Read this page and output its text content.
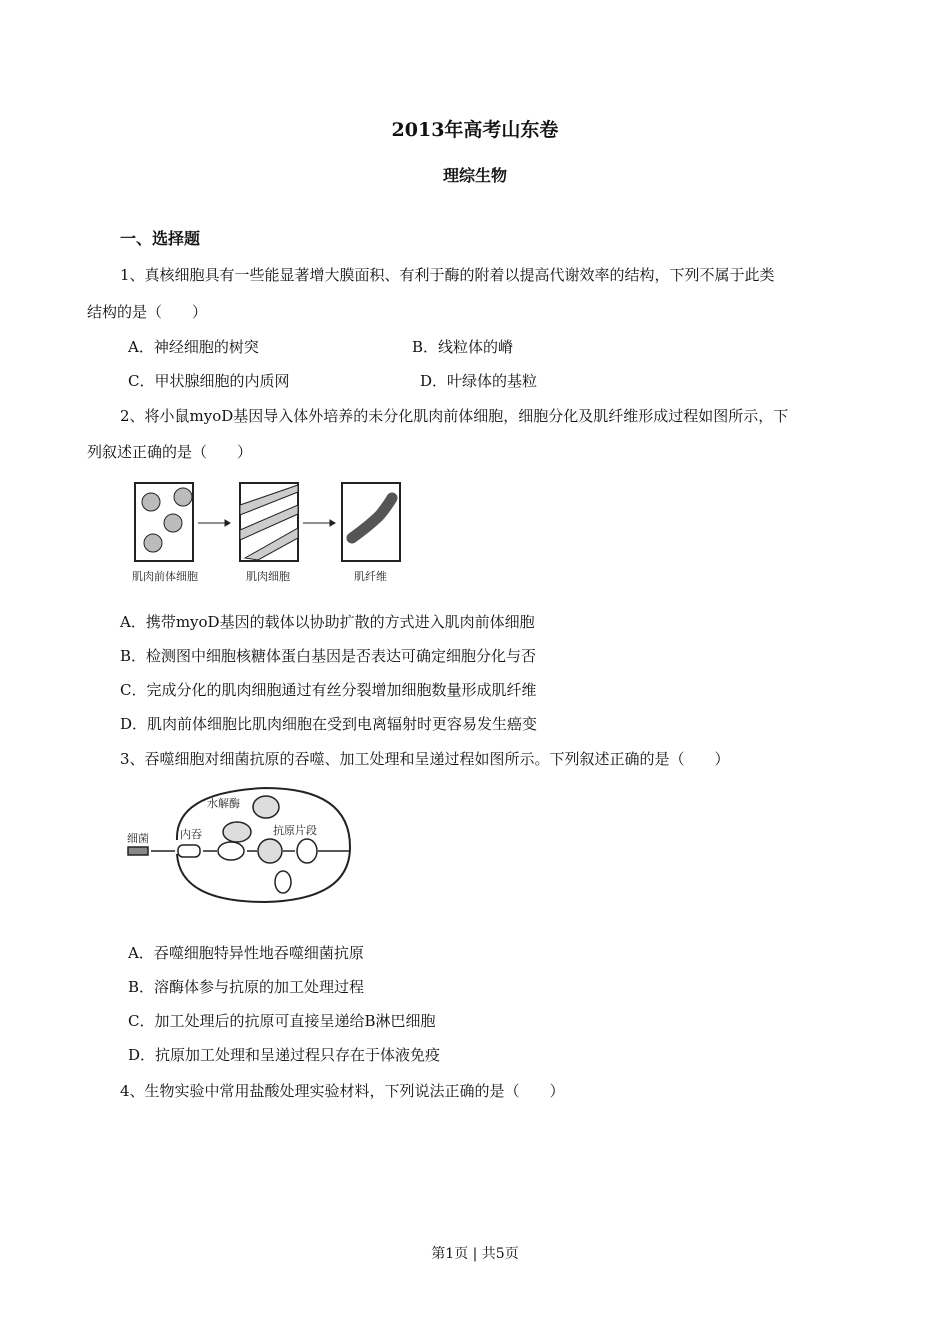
2013年高考山东卷
理综生物
一、选择题
1、真核细胞具有一些能显著增大膜面积、有利于酶的附着以提高代谢效率的结构，下列不属于此类
结构的是（　　）
A．神经细胞的树突	B．线粒体的嵴
C．甲状腺细胞的内质网	D．叶绿体的基粒
2、将小鼠myoD基因导入体外培养的未分化肌肉前体细胞，细胞分化及肌纤维形成过程如图所示，下
列叙述正确的是（　　）
肌肉前体细胞	肌肉细胞	肌纤维
A．携带myoD基因的载体以协助扩散的方式进入肌肉前体细胞
B．检测图中细胞核糖体蛋白基因是否表达可确定细胞分化与否
C．完成分化的肌肉细胞通过有丝分裂增加细胞数量形成肌纤维
D．肌肉前体细胞比肌肉细胞在受到电离辐射时更容易发生癌变
3、吞噬细胞对细菌抗原的吞噬、加工处理和呈递过程如图所示。下列叙述正确的是（　　）
细菌	内吞
水解酶
抗原片段
A．吞噬细胞特异性地吞噬细菌抗原
B．溶酶体参与抗原的加工处理过程
C．加工处理后的抗原可直接呈递给B淋巴细胞
D．抗原加工处理和呈递过程只存在于体液免疫
4、生物实验中常用盐酸处理实验材料，下列说法正确的是（　　）
第1页 | 共5页
